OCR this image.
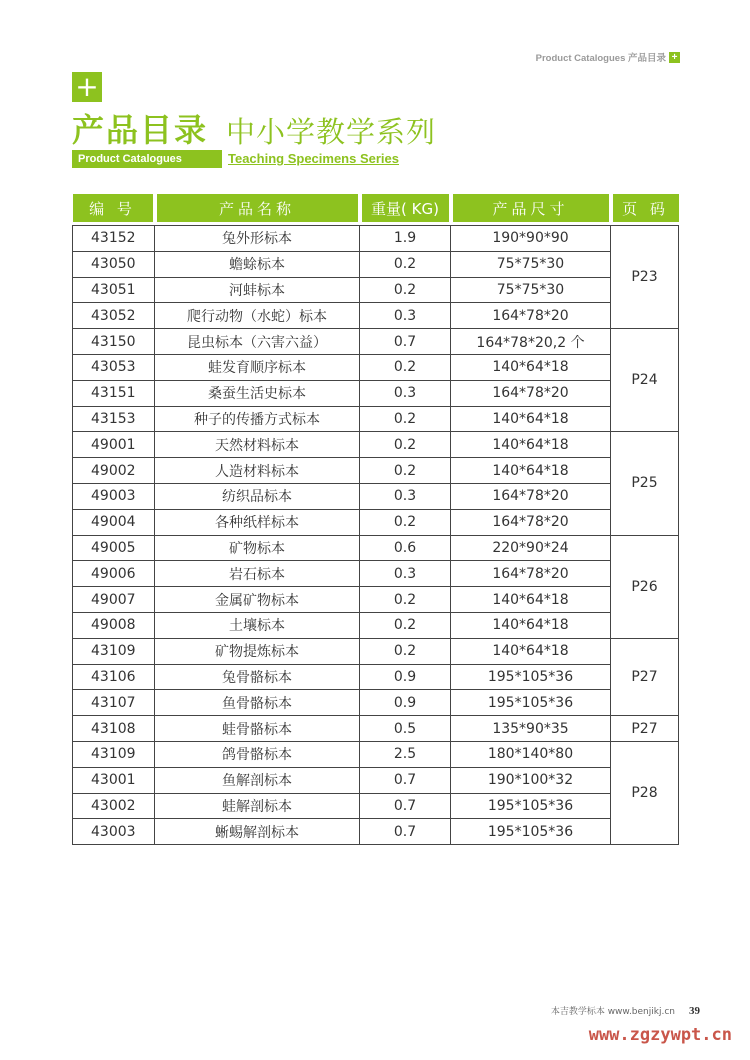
Product Catalogues 产品目录 +
+
产品目录 中小学教学系列
Product Catalogues	Teaching Specimens Series
编 号	产品名称	重量( KG)	产品尺寸	页 码

43152	兔外形标本	1.9	190*90*90	P23
43050	蟾蜍标本	0.2	75*75*30	
43051	河蚌标本	0.2	75*75*30	
43052	爬行动物（水蛇）标本	0.3	164*78*20	
43150	昆虫标本（六害六益）	0.7	164*78*20,2 个	P24
43053	蛙发育顺序标本	0.2	140*64*18	
43151	桑蚕生活史标本	0.3	164*78*20	
43153	种子的传播方式标本	0.2	140*64*18	
49001	天然材料标本	0.2	140*64*18	P25
49002	人造材料标本	0.2	140*64*18	
49003	纺织品标本	0.3	164*78*20	
49004	各种纸样标本	0.2	164*78*20	
49005	矿物标本	0.6	220*90*24	P26
49006	岩石标本	0.3	164*78*20	
49007	金属矿物标本	0.2	140*64*18	
49008	土壤标本	0.2	140*64*18	
43109	矿物提炼标本	0.2	140*64*18	P27
43106	兔骨骼标本	0.9	195*105*36	
43107	鱼骨骼标本	0.9	195*105*36	
43108	蛙骨骼标本	0.5	135*90*35	P27
43109	鸽骨骼标本	2.5	180*140*80	P28
43001	鱼解剖标本	0.7	190*100*32	
43002	蛙解剖标本	0.7	195*105*36	
43003	蜥蜴解剖标本	0.7	195*105*36	
本吉教学标本 www.benjikj.cn 39
www.zgzywpt.cn
